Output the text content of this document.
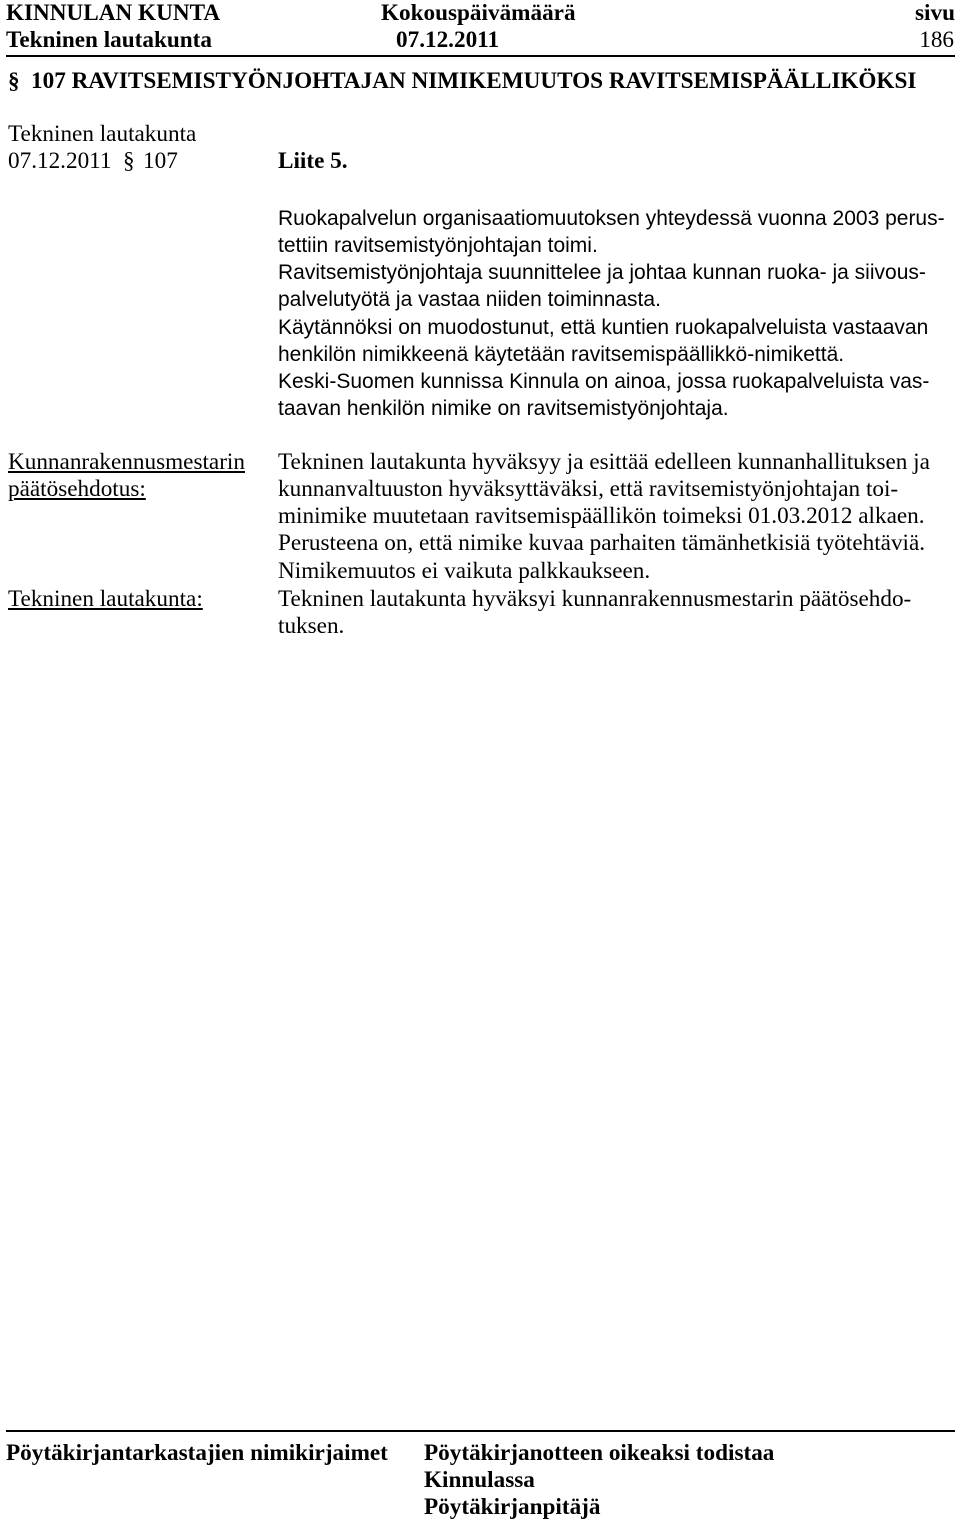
KINNULAN KUNTA	Kokouspäivämäärä	sivu
Tekninen lautakunta	07.12.2011	186
§ 107 RAVITSEMISTYÖNJOHTAJAN NIMIKEMUUTOS RAVITSEMISPÄÄLLIKÖKSI
Tekninen lautakunta
07.12.2011 § 107	Liite 5.
Ruokapalvelun organisaatiomuutoksen yhteydessä vuonna 2003 perus-
tettiin ravitsemistyönjohtajan toimi.
Ravitsemistyönjohtaja suunnittelee ja johtaa kunnan ruoka- ja siivous-
palvelutyötä ja vastaa niiden toiminnasta.
Käytännöksi on muodostunut, että kuntien ruokapalveluista vastaavan
henkilön nimikkeenä käytetään ravitsemispäällikkö-nimikettä.
Keski-Suomen kunnissa Kinnula on ainoa, jossa ruokapalveluista vas-
taavan henkilön nimike on ravitsemistyönjohtaja.
Kunnanrakennusmestarin
päätösehdotus:
Tekninen lautakunta hyväksyy ja esittää edelleen kunnanhallituksen ja
kunnanvaltuuston hyväksyttäväksi, että ravitsemistyönjohtajan toi-
minimike muutetaan ravitsemispäällikön toimeksi 01.03.2012 alkaen.
Perusteena on, että nimike kuvaa parhaiten tämänhetkisiä työtehtäviä.
Nimikemuutos ei vaikuta palkkaukseen.
Tekninen lautakunta:	Tekninen lautakunta hyväksyi kunnanrakennusmestarin päätösehdo-
tuksen.
Pöytäkirjantarkastajien nimikirjaimet Pöytäkirjanotteen oikeaksi todistaa
Kinnulassa
Pöytäkirjanpitäjä
